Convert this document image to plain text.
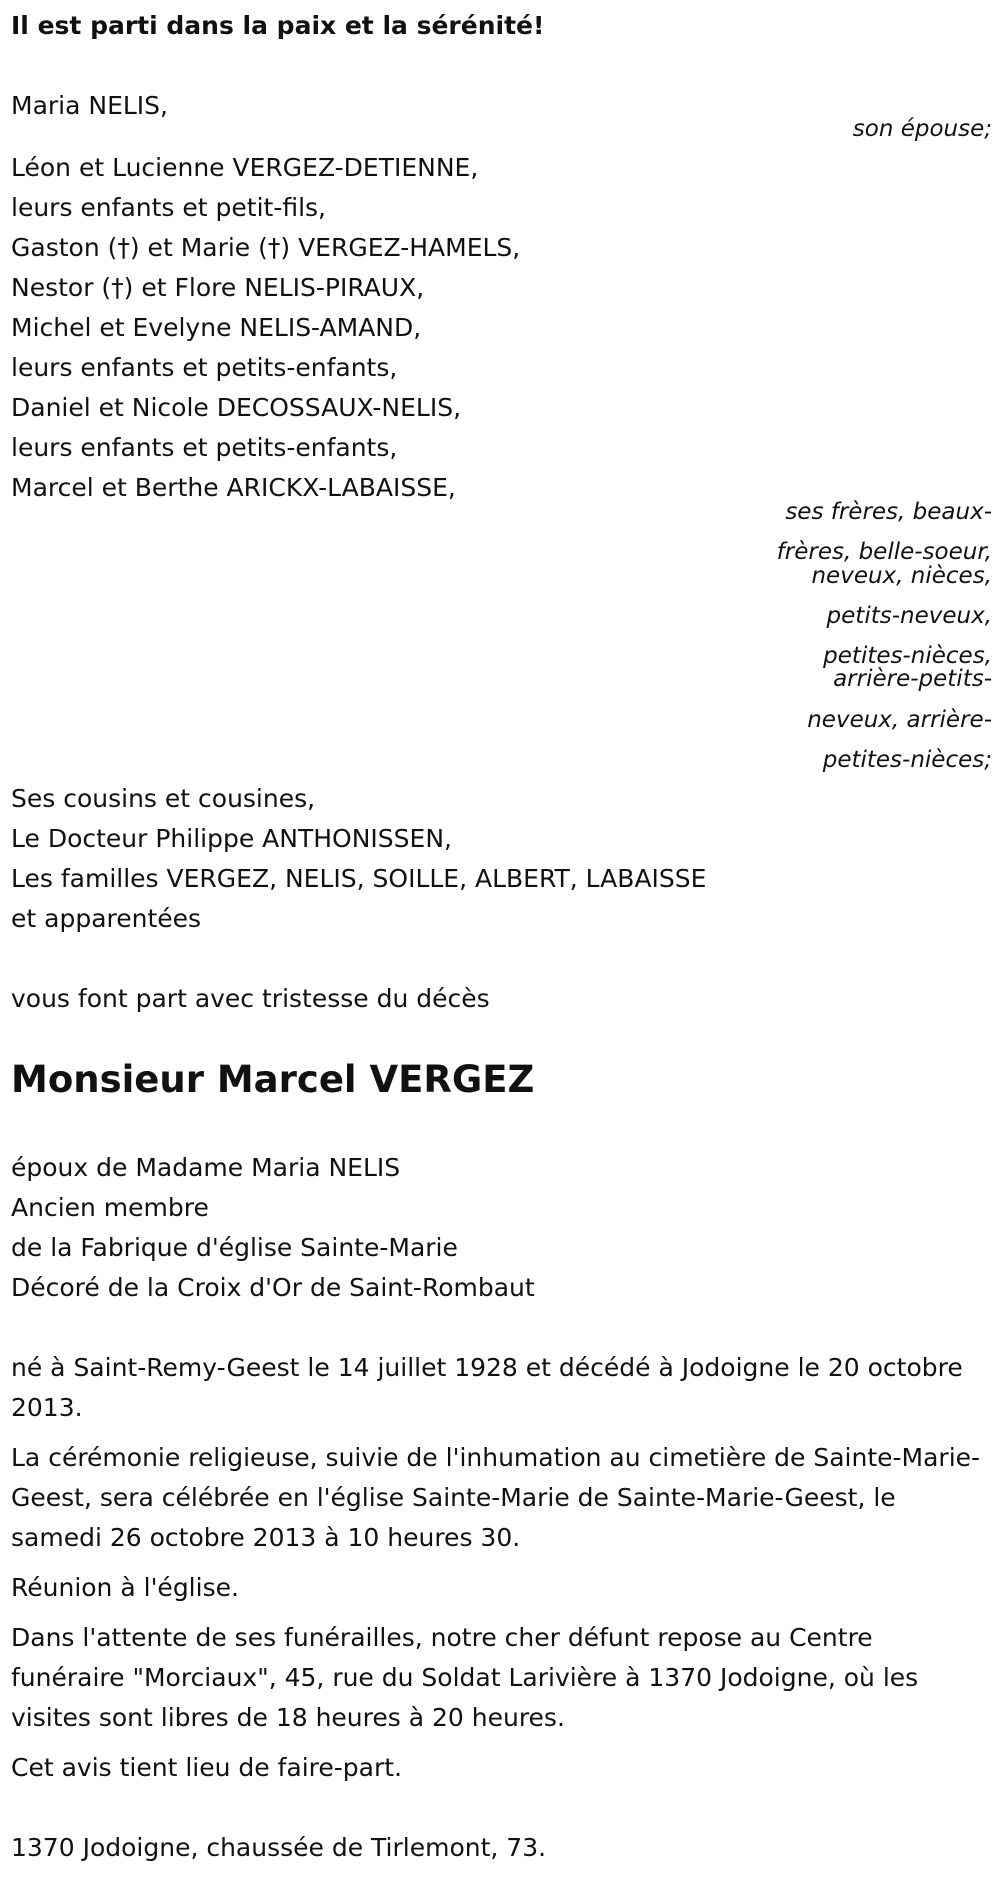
Il est parti dans la paix et la sérénité!

Maria NELIS,

son épouse;

Léon et Lucienne VERGEZ-DETIENNE,

leurs enfants et petit-fils,

Gaston (†) et Marie (†) VERGEZ-HAMELS,

Nestor (†) et Flore NELIS-PIRAUX,

Michel et Evelyne NELIS-AMAND,

leurs enfants et petits-enfants,

Daniel et Nicole DECOSSAUX-NELIS,

leurs enfants et petits-enfants,

Marcel et Berthe ARICKX-LABAISSE,

ses frères, beaux-

frères, belle-soeur,

neveux, nièces,

petits-neveux,

petites-nièces,

arrière-petits-

neveux, arrière-

petites-nièces;

Ses cousins et cousines,

Le Docteur Philippe ANTHONISSEN,

Les familles VERGEZ, NELIS, SOILLE, ALBERT, LABAISSE

et apparentées

vous font part avec tristesse du décès

Monsieur Marcel VERGEZ

époux de Madame Maria NELIS

Ancien membre

de la Fabrique d'église Sainte-Marie

Décoré de la Croix d'Or de Saint-Rombaut

né à Saint-Remy-Geest le 14 juillet 1928 et décédé à Jodoigne le 20 octobre 2013.

La cérémonie religieuse, suivie de l'inhumation au cimetière de Sainte-Marie-Geest, sera célébrée en l'église Sainte-Marie de Sainte-Marie-Geest, le samedi 26 octobre 2013 à 10 heures 30.

Réunion à l'église.

Dans l'attente de ses funérailles, notre cher défunt repose au Centre funéraire "Morciaux", 45, rue du Soldat Larivière à 1370 Jodoigne, où les visites sont libres de 18 heures à 20 heures.

Cet avis tient lieu de faire-part.

1370 Jodoigne, chaussée de Tirlemont, 73.
